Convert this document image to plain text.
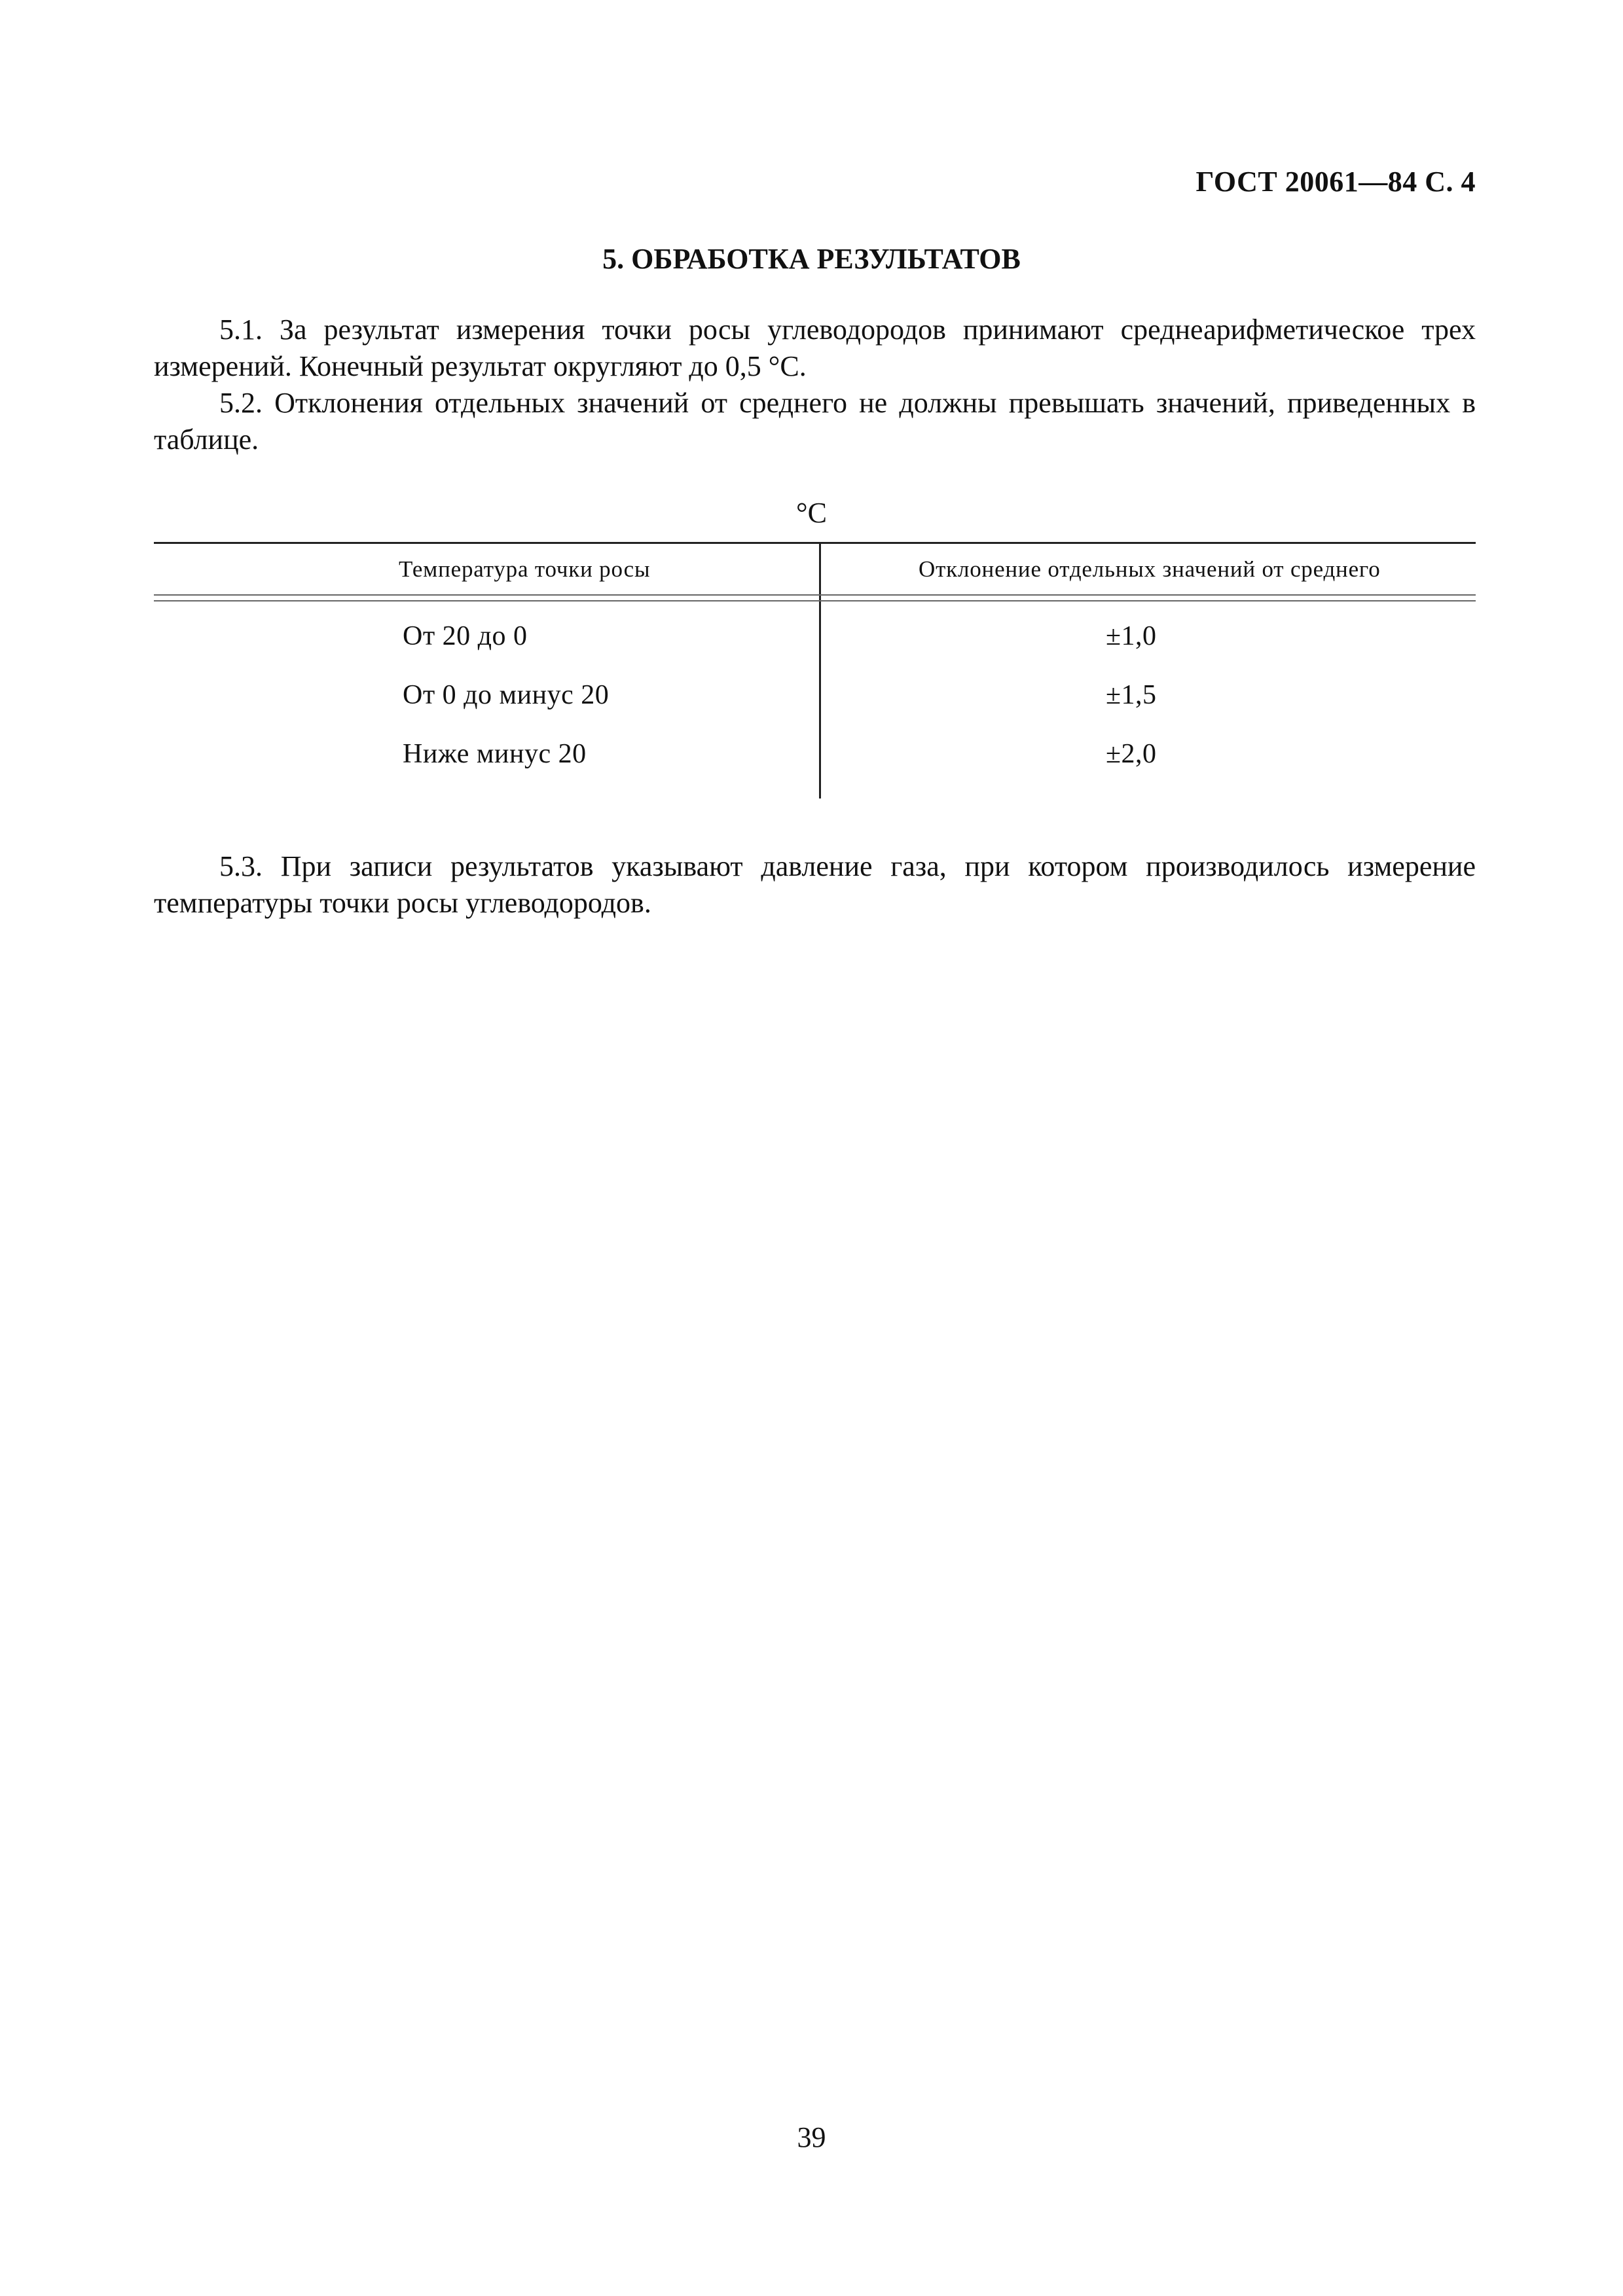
ГОСТ 20061—84 С. 4
5. ОБРАБОТКА РЕЗУЛЬТАТОВ

5.1. За результат измерения точки росы углеводородов принимают среднеарифметическое трех измерений. Конечный результат округляют до 0,5 °C.

5.2. Отклонения отдельных значений от среднего не должны превышать значений, приведенных в таблице.

°C
Температура точки росы	Отклонение отдельных значений от среднего
От 20 до 0	±1,0
От 0 до минус 20	±1,5
Ниже минус 20	±2,0

5.3. При записи результатов указывают давление газа, при котором производилось измерение температуры точки росы углеводородов.

39
